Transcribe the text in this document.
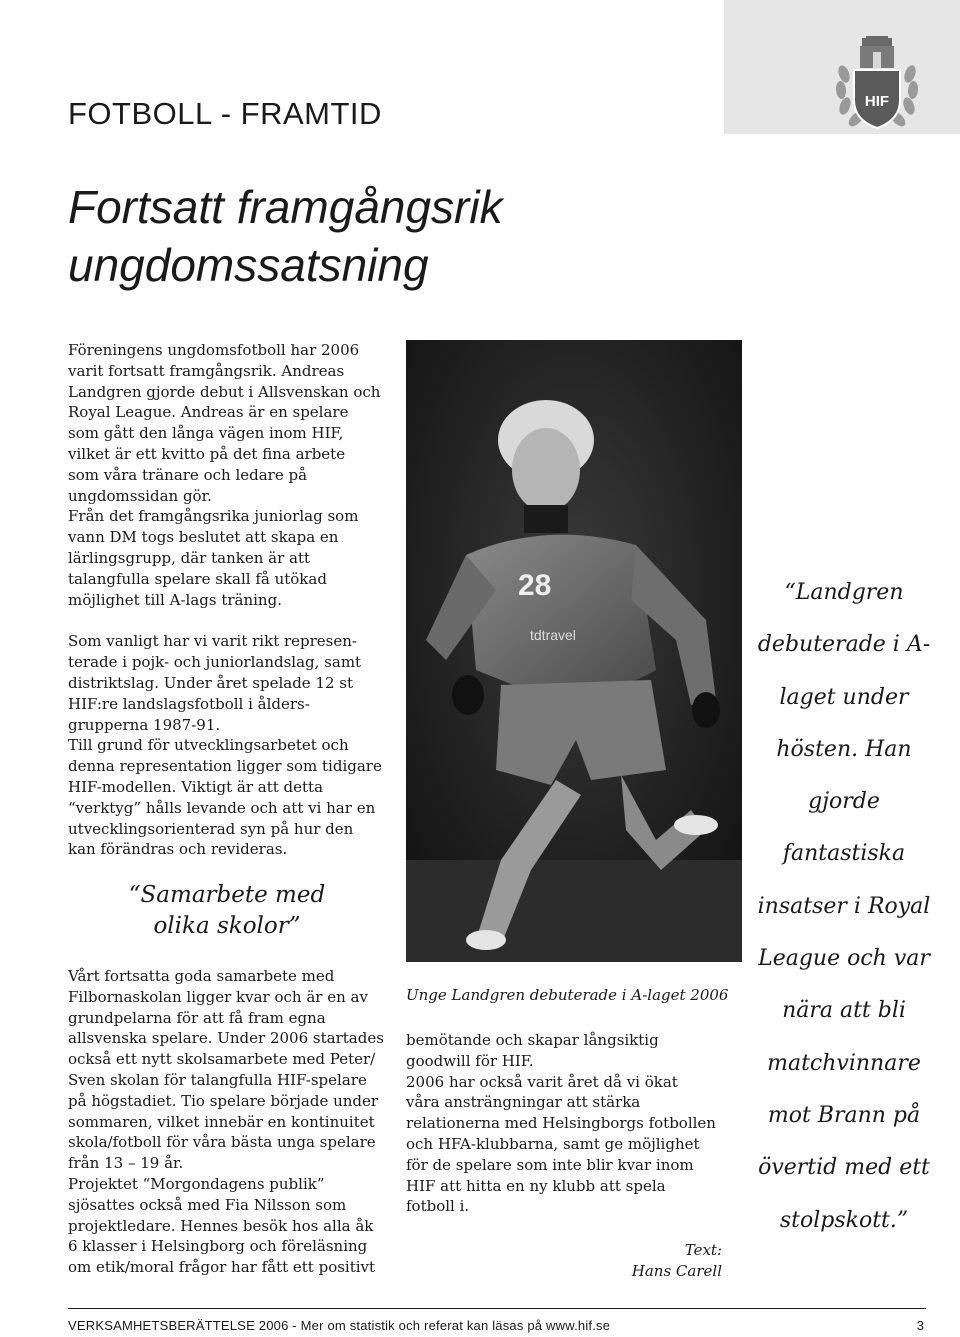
HIF
FOTBOLL - FRAMTID
Fortsatt framgångsrik
ungdomssatsning

Föreningens ungdomsfotboll har 2006

varit fortsatt framgångsrik. Andreas

Landgren gjorde debut i Allsvenskan och

Royal League. Andreas är en spelare

som gått den långa vägen inom HIF,

vilket är ett kvitto på det fina arbete

som våra tränare och ledare på

ungdomssidan gör.

Från det framgångsrika juniorlag som

vann DM togs beslutet att skapa en

lärlingsgrupp, där tanken är att

talangfulla spelare skall få utökad

möjlighet till A-lags träning.

Som vanligt har vi varit rikt represen-

terade i pojk- och juniorlandslag, samt

distriktslag. Under året spelade 12 st

HIF:re landslagsfotboll i ålders-

grupperna 1987-91.

Till grund för utvecklingsarbetet och

denna representation ligger som tidigare

HIF-modellen. Viktigt är att detta

“verktyg” hålls levande och att vi har en

utvecklingsorienterad syn på hur den

kan förändras och revideras.

“Samarbete med
olika skolor”

Vårt fortsatta goda samarbete med

Filbornaskolan ligger kvar och är en av

grundpelarna för att få fram egna

allsvenska spelare. Under 2006 startades

också ett nytt skolsamarbete med Peter/

Sven skolan för talangfulla HIF-spelare

på högstadiet. Tio spelare började under

sommaren, vilket innebär en kontinuitet

skola/fotboll för våra bästa unga spelare

från 13 – 19 år.

Projektet “Morgondagens publik”

sjösattes också med Fia Nilsson som

projektledare. Hennes besök hos alla åk

6 klasser i Helsingborg och föreläsning

om etik/moral frågor har fått ett positivt

28
tdtravel

“Landgren

debuterade i A-

laget under

hösten. Han

gjorde

fantastiska

insatser i Royal

League och var

nära att bli

matchvinnare

mot Brann på

övertid med ett

stolpskott.”

Unge Landgren debuterade i A-laget 2006

bemötande och skapar långsiktig

goodwill för HIF.

2006 har också varit året då vi ökat

våra ansträngningar att stärka

relationerna med Helsingborgs fotbollen

och HFA-klubbarna, samt ge möjlighet

för de spelare som inte blir kvar inom

HIF att hitta en ny klubb att spela

fotboll i.

Text:
Hans Carell
VERKSAMHETSBERÄTTELSE 2006 - Mer om statistik och referat kan läsas på www.hif.se	3
